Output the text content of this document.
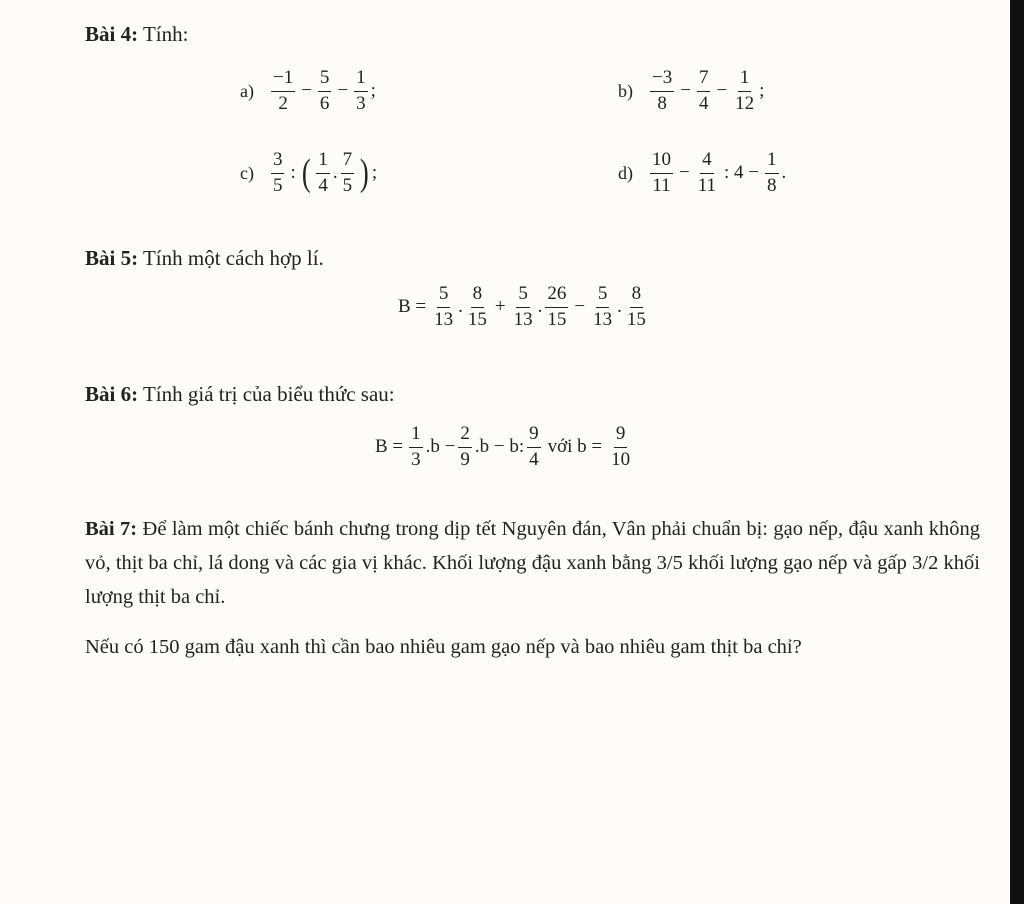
Bài 4: Tính:
$a) \frac{-1}{2} - \frac{5}{6} - \frac{1}{3}$ ;	$b) \frac{-3}{8} - \frac{7}{4} - \frac{1}{12}$ ;
$c) \frac{3}{5}$ : ( $\frac{1}{4}$ . $\frac{7}{5}$ ) ;	$d) \frac{10}{11} - \frac{4}{11}$ : $4 - \frac{1}{8}$ .
Bài 5: Tính một cách hợp lí.
$B = \frac{5}{13}$ . $\frac{8}{15} + \frac{5}{13}$ . $\frac{26}{15} - \frac{5}{13}$ . $\frac{8}{15}$
Bài 6: Tính giá trị của biểu thức sau:
$B = \frac{1}{3} .b - \frac{2}{9} .b - b$: $\frac{9}{4}$ với $b = \frac{9}{10}$
Bài 7: Để làm một chiếc bánh chưng trong dịp tết Nguyên đán, Vân phải chuẩn bị: gạo nếp, đậu xanh không vỏ, thịt ba chỉ, lá dong và các gia vị khác. Khối lượng đậu xanh bằng 3/5 khối lượng gạo nếp và gấp 3/2 khối lượng thịt ba chỉ.
Nếu có 150 gam đậu xanh thì cần bao nhiêu gam gạo nếp và bao nhiêu gam thịt ba chỉ?
